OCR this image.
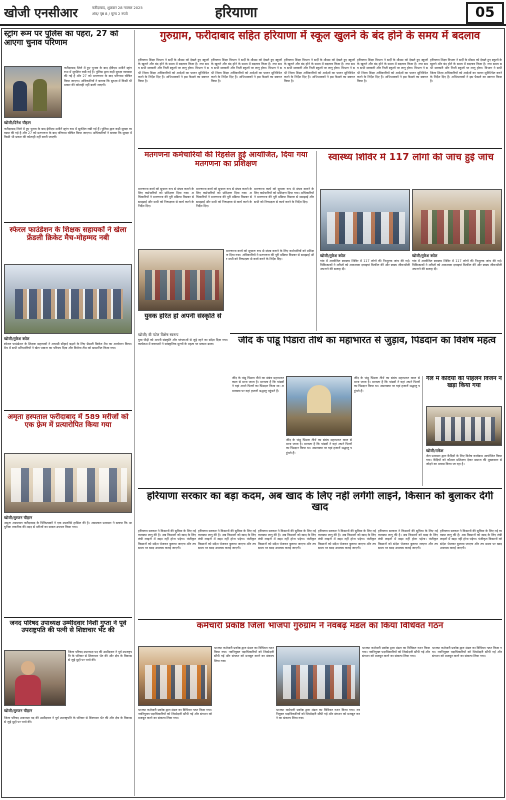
खोजी एनसीआर	फरीदाबाद, शुक्रवार 28 नवम्बर 2025
अंक/ पृष्ठ 8 / मूल्य 2 रुपये	हरियाणा	05
स्ट्रांग रूम पर पुलिस का पहरा, 27 को आएगा चुनाव परिणाम
खोजी/दिनेश चौहान
फरीदाबाद जिले में हुए चुनाव के बाद ईवीएम मशीनें स्ट्रांग रूम में सुरक्षित रखी गई हैं। पुलिस द्वारा कड़ी सुरक्षा व्यवस्था की गई है और 27 को मतगणना के बाद परिणाम घोषित किया जाएगा। अधिकारियों ने बताया कि सुरक्षा में किसी भी प्रकार की कोताही नहीं बरती जाएगी।
फरीदाबाद जिले में हुए चुनाव के बाद ईवीएम मशीनें स्ट्रांग रूम में सुरक्षित रखी गई हैं। पुलिस द्वारा कड़ी सुरक्षा व्यवस्था की गई है और 27 को मतगणना के बाद परिणाम घोषित किया जाएगा। अधिकारियों ने बताया कि सुरक्षा में किसी भी प्रकार की कोताही नहीं बरती जाएगी।
स्फेरल फाउंडेशन के शिक्षक सहायकों ने खेला फ्रेंडली क्रिकेट मैच-मोहम्मद नबी
खोजी/मुकेश बघेल
स्फेरल फाउंडेशन के शिक्षक सहायकों ने आपसी सौहार्द बढ़ाने के लिए फ्रेंडली क्रिकेट मैच का आयोजन किया। मैच में सभी प्रतिभागियों ने खेल भावना का परिचय दिया और विजेता टीम को सम्मानित किया गया।
अमृता हस्पताल फरीदाबाद में 589 मरीजों को एक फ़्रेम में प्रत्यारोपित किया गया
खोजी/सुरजन चौहान
अमृता अस्पताल फरीदाबाद के चिकित्सकों ने एक उपलब्धि हासिल की है। अस्पताल प्रशासन ने बताया कि आधुनिक तकनीक की मदद से मरीजों का सफल उपचार किया गया।
जनद परिषद उपाध्यक्ष उम्मीदवार निशी गुप्ता ने पूर्व उपराष्ट्रपति की पत्नी से शिष्टाचार भेंट की
खोजी/सुरजन चौहान
जिला परिषद उपाध्यक्ष पद की उम्मीदवार ने पूर्व उपराष्ट्रपति के परिवार से शिष्टाचार भेंट की और क्षेत्र के विकास से जुड़े मुद्दों पर चर्चा की।
जिला परिषद उपाध्यक्ष पद की उम्मीदवार ने पूर्व उपराष्ट्रपति के परिवार से शिष्टाचार भेंट की और क्षेत्र के विकास से जुड़े मुद्दों पर चर्चा की।
गुरुग्राम, फरीदाबाद सहित हरियाणा में स्कूल खुलने के बंद होने के समय में बदलाव
हरियाणा शिक्षा विभाग ने सर्दी के मौसम को देखते हुए स्कूलों के खुलने और बंद होने के समय में बदलाव किया है। नया समय सभी सरकारी और निजी स्कूलों पर लागू होगा। विभाग ने सभी जिला शिक्षा अधिकारियों को आदेशों का पालन सुनिश्चित करने के निर्देश दिए हैं। अभिभावकों ने इस फैसले का स्वागत किया है।
हरियाणा शिक्षा विभाग ने सर्दी के मौसम को देखते हुए स्कूलों के खुलने और बंद होने के समय में बदलाव किया है। नया समय सभी सरकारी और निजी स्कूलों पर लागू होगा। विभाग ने सभी जिला शिक्षा अधिकारियों को आदेशों का पालन सुनिश्चित करने के निर्देश दिए हैं। अभिभावकों ने इस फैसले का स्वागत किया है।
हरियाणा शिक्षा विभाग ने सर्दी के मौसम को देखते हुए स्कूलों के खुलने और बंद होने के समय में बदलाव किया है। नया समय सभी सरकारी और निजी स्कूलों पर लागू होगा। विभाग ने सभी जिला शिक्षा अधिकारियों को आदेशों का पालन सुनिश्चित करने के निर्देश दिए हैं। अभिभावकों ने इस फैसले का स्वागत किया है।
हरियाणा शिक्षा विभाग ने सर्दी के मौसम को देखते हुए स्कूलों के खुलने और बंद होने के समय में बदलाव किया है। नया समय सभी सरकारी और निजी स्कूलों पर लागू होगा। विभाग ने सभी जिला शिक्षा अधिकारियों को आदेशों का पालन सुनिश्चित करने के निर्देश दिए हैं। अभिभावकों ने इस फैसले का स्वागत किया है।
हरियाणा शिक्षा विभाग ने सर्दी के मौसम को देखते हुए स्कूलों के खुलने और बंद होने के समय में बदलाव किया है। नया समय सभी सरकारी और निजी स्कूलों पर लागू होगा। विभाग ने सभी जिला शिक्षा अधिकारियों को आदेशों का पालन सुनिश्चित करने के निर्देश दिए हैं। अभिभावकों ने इस फैसले का स्वागत किया है।
मतगणना कर्मचारियों की रिहर्सल हुई आयोजित, दिया गया मतगणना का प्रशिक्षण
मतगणना कार्य को सुचारू रूप से संपन्न कराने के लिए कर्मचारियों को प्रशिक्षण दिया गया। अधिकारियों ने मतगणना की पूरी प्रक्रिया विस्तार से समझाई और सभी को निष्पक्षता से कार्य करने के निर्देश दिए।
मतगणना कार्य को सुचारू रूप से संपन्न कराने के लिए कर्मचारियों को प्रशिक्षण दिया गया। अधिकारियों ने मतगणना की पूरी प्रक्रिया विस्तार से समझाई और सभी को निष्पक्षता से कार्य करने के निर्देश दिए।
मतगणना कार्य को सुचारू रूप से संपन्न कराने के लिए कर्मचारियों को प्रशिक्षण दिया गया। अधिकारियों ने मतगणना की पूरी प्रक्रिया विस्तार से समझाई और सभी को निष्पक्षता से कार्य करने के निर्देश दिए।
मतगणना कार्य को सुचारू रूप से संपन्न कराने के लिए कर्मचारियों को प्रशिक्षण दिया गया। अधिकारियों ने मतगणना की पूरी प्रक्रिया विस्तार से समझाई और सभी को निष्पक्षता से कार्य करने के निर्देश दिए।
युवक हरित हो अपनी संस्कृति से
खोजी/ बी पटेल विशेष स्वरूप
युवा पीढ़ी को अपनी संस्कृति और परंपराओं से जुड़े रहने का संदेश दिया गया। कार्यक्रम में वक्ताओं ने सांस्कृतिक मूल्यों के महत्व पर प्रकाश डाला।
स्वास्थ्य शिविर में 117 लोगों की जांच हुई जांच
खोजी/मुकेश बघेल	खोजी/मुकेश बघेल
गांव में आयोजित स्वास्थ्य शिविर में 117 लोगों की निःशुल्क जांच की गई। चिकित्सकों ने मरीजों को आवश्यक दवाइयां वितरित कीं और स्वस्थ जीवनशैली अपनाने की सलाह दी।
गांव में आयोजित स्वास्थ्य शिविर में 117 लोगों की निःशुल्क जांच की गई। चिकित्सकों ने मरीजों को आवश्यक दवाइयां वितरित कीं और स्वस्थ जीवनशैली अपनाने की सलाह दी।
जींद के पांडू पिंडारा तीर्थ का महाभारत से जुड़ाव, पिंडदान का विशेष महत्व
जींद के पांडू पिंडारा तीर्थ का संबंध महाभारत काल से माना जाता है। मान्यता है कि पांडवों ने यहां अपने पितरों का पिंडदान किया था। अमावस्या पर यहां हजारों श्रद्धालु पहुंचते हैं।
जींद के पांडू पिंडारा तीर्थ का संबंध महाभारत काल से माना जाता है। मान्यता है कि पांडवों ने यहां अपने पितरों का पिंडदान किया था। अमावस्या पर यहां हजारों श्रद्धालु पहुंचते हैं।
जींद के पांडू पिंडारा तीर्थ का संबंध महाभारत काल से माना जाता है। मान्यता है कि पांडवों ने यहां अपने पितरों का पिंडदान किया था। अमावस्या पर यहां हजारों श्रद्धालु पहुंचते हैं।
गेल में कैदियों की पहिलन विजन न खड़ा किया गया
खोजी/राकेश
जेल प्रशासन द्वारा कैदियों के लिए विशेष कार्यक्रम आयोजित किया गया। कैदियों को कौशल प्रशिक्षण देकर समाज की मुख्यधारा से जोड़ने का प्रयास किया जा रहा है।
हरियाणा सरकार का बड़ा कदम, अब खाद के लिए नहीं लगेंगी लाइनें, किसान को बुलाकर देगी खाद
हरियाणा सरकार ने किसानों की सुविधा के लिए नई व्यवस्था लागू की है। अब किसानों को खाद के लिए लंबी लाइनों में खड़ा नहीं होना पड़ेगा। पंजीकृत किसानों को संदेश भेजकर बुलाया जाएगा और तय समय पर खाद उपलब्ध कराई जाएगी।
हरियाणा सरकार ने किसानों की सुविधा के लिए नई व्यवस्था लागू की है। अब किसानों को खाद के लिए लंबी लाइनों में खड़ा नहीं होना पड़ेगा। पंजीकृत किसानों को संदेश भेजकर बुलाया जाएगा और तय समय पर खाद उपलब्ध कराई जाएगी।
हरियाणा सरकार ने किसानों की सुविधा के लिए नई व्यवस्था लागू की है। अब किसानों को खाद के लिए लंबी लाइनों में खड़ा नहीं होना पड़ेगा। पंजीकृत किसानों को संदेश भेजकर बुलाया जाएगा और तय समय पर खाद उपलब्ध कराई जाएगी।
हरियाणा सरकार ने किसानों की सुविधा के लिए नई व्यवस्था लागू की है। अब किसानों को खाद के लिए लंबी लाइनों में खड़ा नहीं होना पड़ेगा। पंजीकृत किसानों को संदेश भेजकर बुलाया जाएगा और तय समय पर खाद उपलब्ध कराई जाएगी।
हरियाणा सरकार ने किसानों की सुविधा के लिए नई व्यवस्था लागू की है। अब किसानों को खाद के लिए लंबी लाइनों में खड़ा नहीं होना पड़ेगा। पंजीकृत किसानों को संदेश भेजकर बुलाया जाएगा और तय समय पर खाद उपलब्ध कराई जाएगी।
हरियाणा सरकार ने किसानों की सुविधा के लिए नई व्यवस्था लागू की है। अब किसानों को खाद के लिए लंबी लाइनों में खड़ा नहीं होना पड़ेगा। पंजीकृत किसानों को संदेश भेजकर बुलाया जाएगा और तय समय पर खाद उपलब्ध कराई जाएगी।
कर्मचारी प्रकोष्ठ जिला भाजपा गुरुग्राम ने नवबढ़ मंडल का किया विधिवत गठन
भाजपा कर्मचारी प्रकोष्ठ द्वारा मंडल का विधिवत गठन किया गया। नवनियुक्त पदाधिकारियों को जिम्मेदारी सौंपी गई और संगठन को मजबूत करने का संकल्प लिया गया।
भाजपा कर्मचारी प्रकोष्ठ द्वारा मंडल का विधिवत गठन किया गया। नवनियुक्त पदाधिकारियों को जिम्मेदारी सौंपी गई और संगठन को मजबूत करने का संकल्प लिया गया।
भाजपा कर्मचारी प्रकोष्ठ द्वारा मंडल का विधिवत गठन किया गया। नवनियुक्त पदाधिकारियों को जिम्मेदारी सौंपी गई और संगठन को मजबूत करने का संकल्प लिया गया।
भाजपा कर्मचारी प्रकोष्ठ द्वारा मंडल का विधिवत गठन किया गया। नवनियुक्त पदाधिकारियों को जिम्मेदारी सौंपी गई और संगठन को मजबूत करने का संकल्प लिया गया।
भाजपा कर्मचारी प्रकोष्ठ द्वारा मंडल का विधिवत गठन किया गया। नवनियुक्त पदाधिकारियों को जिम्मेदारी सौंपी गई और संगठन को मजबूत करने का संकल्प लिया गया।
